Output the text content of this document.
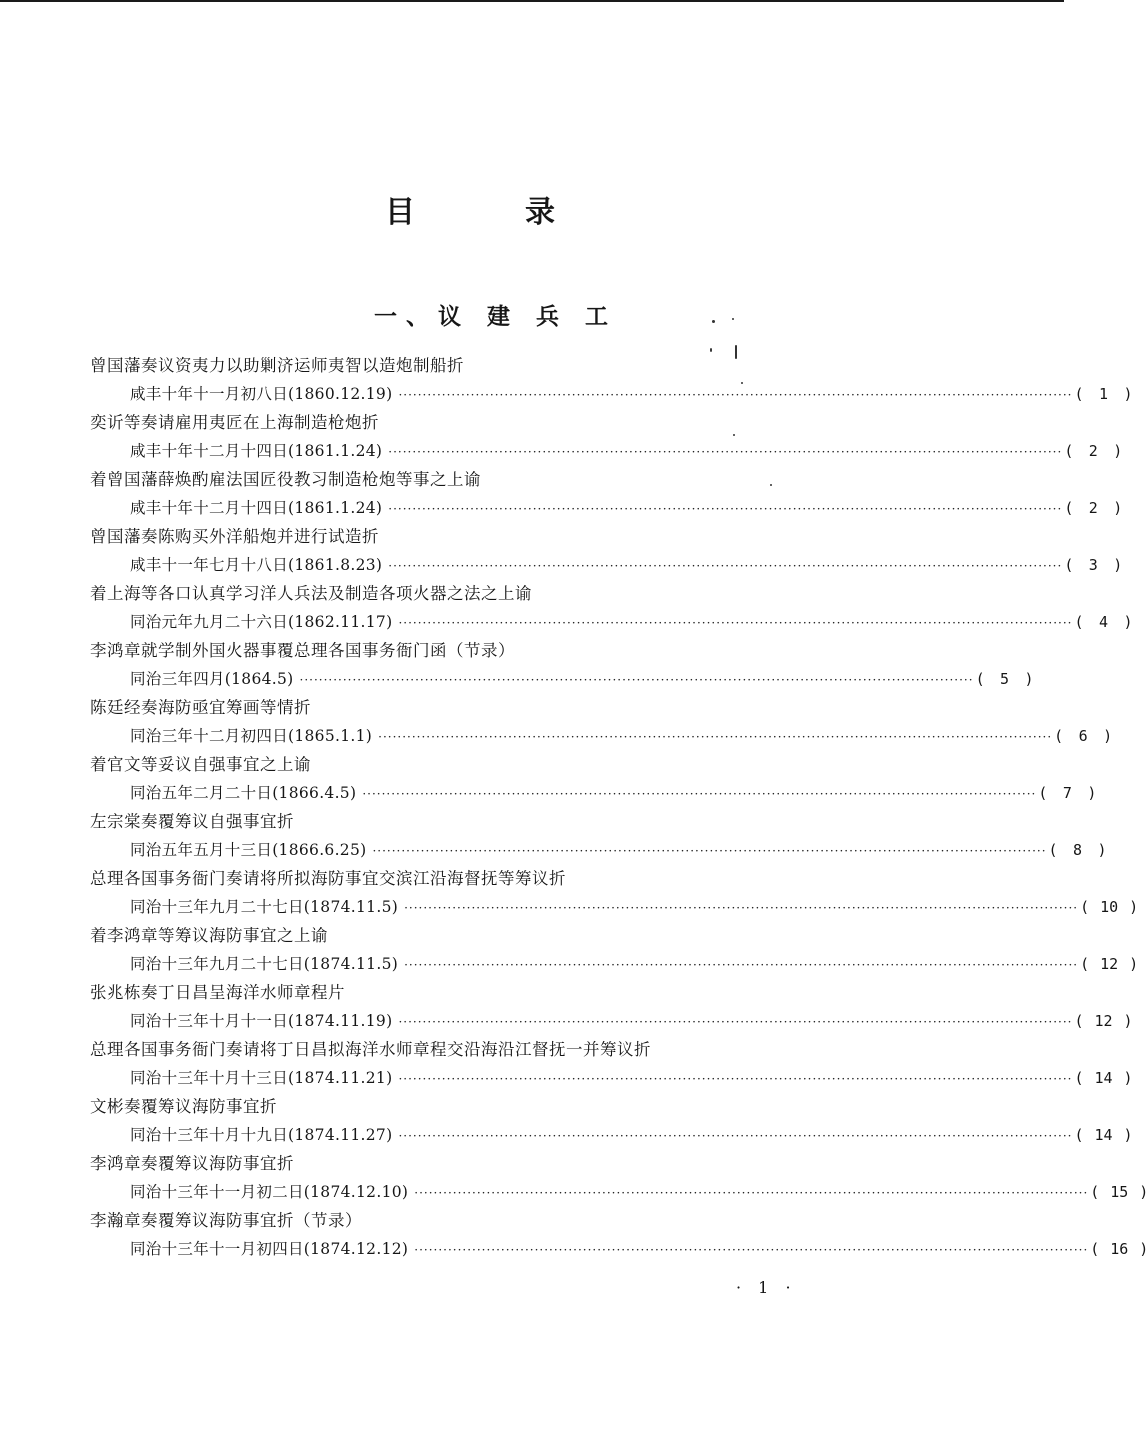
目	录
一、议 建 兵 工
曾国藩奏议资夷力以助剿济运师夷智以造炮制船折
咸丰十年十一月初八日(1860.12.19) ············································································································································ ( 1 )
奕䜣等奏请雇用夷匠在上海制造枪炮折
咸丰十年十二月十四日(1861.1.24) ············································································································································ ( 2 )
着曾国藩薛焕酌雇法国匠役教习制造枪炮等事之上谕
咸丰十年十二月十四日(1861.1.24) ············································································································································ ( 2 )
曾国藩奏陈购买外洋船炮并进行试造折
咸丰十一年七月十八日(1861.8.23) ············································································································································ ( 3 )
着上海等各口认真学习洋人兵法及制造各项火器之法之上谕
同治元年九月二十六日(1862.11.17) ············································································································································ ( 4 )
李鸿章就学制外国火器事覆总理各国事务衙门函（节录）
同治三年四月(1864.5) ············································································································································ ( 5 )
陈廷经奏海防亟宜筹画等情折
同治三年十二月初四日(1865.1.1) ············································································································································ ( 6 )
着官文等妥议自强事宜之上谕
同治五年二月二十日(1866.4.5) ············································································································································ ( 7 )
左宗棠奏覆筹议自强事宜折
同治五年五月十三日(1866.6.25) ············································································································································ ( 8 )
总理各国事务衙门奏请将所拟海防事宜交滨江沿海督抚等筹议折
同治十三年九月二十七日(1874.11.5) ············································································································································ ( 10 )
着李鸿章等筹议海防事宜之上谕
同治十三年九月二十七日(1874.11.5) ············································································································································ ( 12 )
张兆栋奏丁日昌呈海洋水师章程片
同治十三年十月十一日(1874.11.19) ············································································································································ ( 12 )
总理各国事务衙门奏请将丁日昌拟海洋水师章程交沿海沿江督抚一并筹议折
同治十三年十月十三日(1874.11.21) ············································································································································ ( 14 )
文彬奏覆筹议海防事宜折
同治十三年十月十九日(1874.11.27) ············································································································································ ( 14 )
李鸿章奏覆筹议海防事宜折
同治十三年十一月初二日(1874.12.10) ············································································································································ ( 15 )
李瀚章奏覆筹议海防事宜折（节录）
同治十三年十一月初四日(1874.12.12) ············································································································································ ( 16 )
· 1 ·
